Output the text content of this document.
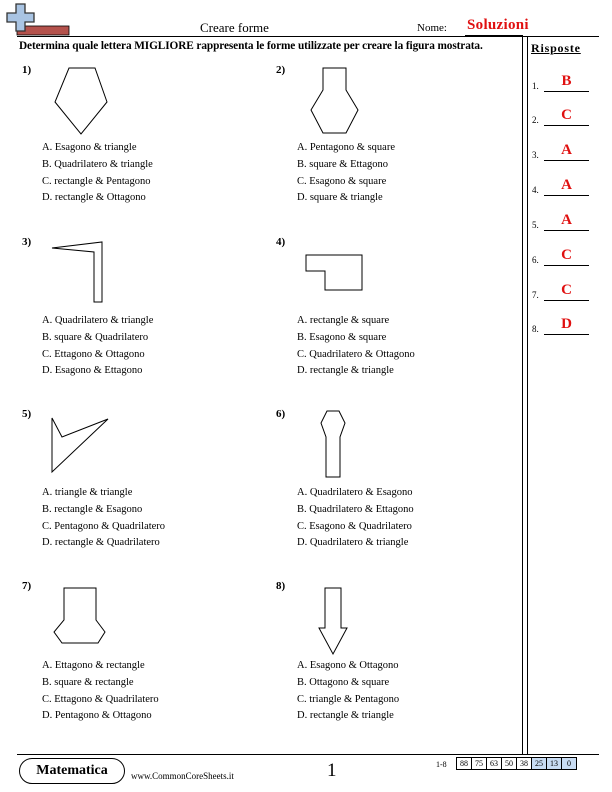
Creare forme	Nome: Soluzioni
Determina quale lettera MIGLIORE rappresenta le forme utilizzate per creare la figura mostrata.	Risposte
1.	B
2.	C
3.	A
4.	A
5.	A
6.	C
7.	C
8.	D
1)
A. Esagono & triangle
B. Quadrilatero & triangle
C. rectangle & Pentagono
D. rectangle & Ottagono
2)
A. Pentagono & square
B. square & Ettagono
C. Esagono & square
D. square & triangle
3)
A. Quadrilatero & triangle
B. square & Quadrilatero
C. Ettagono & Ottagono
D. Esagono & Ettagono
4)
A. rectangle & square
B. Esagono & square
C. Quadrilatero & Ottagono
D. rectangle & triangle
5)
A. triangle & triangle
B. rectangle & Esagono
C. Pentagono & Quadrilatero
D. rectangle & Quadrilatero
6)
A. Quadrilatero & Esagono
B. Quadrilatero & Ettagono
C. Esagono & Quadrilatero
D. Quadrilatero & triangle
7)
A. Ettagono & rectangle
B. square & rectangle
C. Ettagono & Quadrilatero
D. Pentagono & Ottagono
8)
A. Esagono & Ottagono
B. Ottagono & square
C. triangle & Pentagono
D. rectangle & triangle
Matematica	www.CommonCoreSheets.it	1	1-8	88 75 63 50 38 25 13	0
